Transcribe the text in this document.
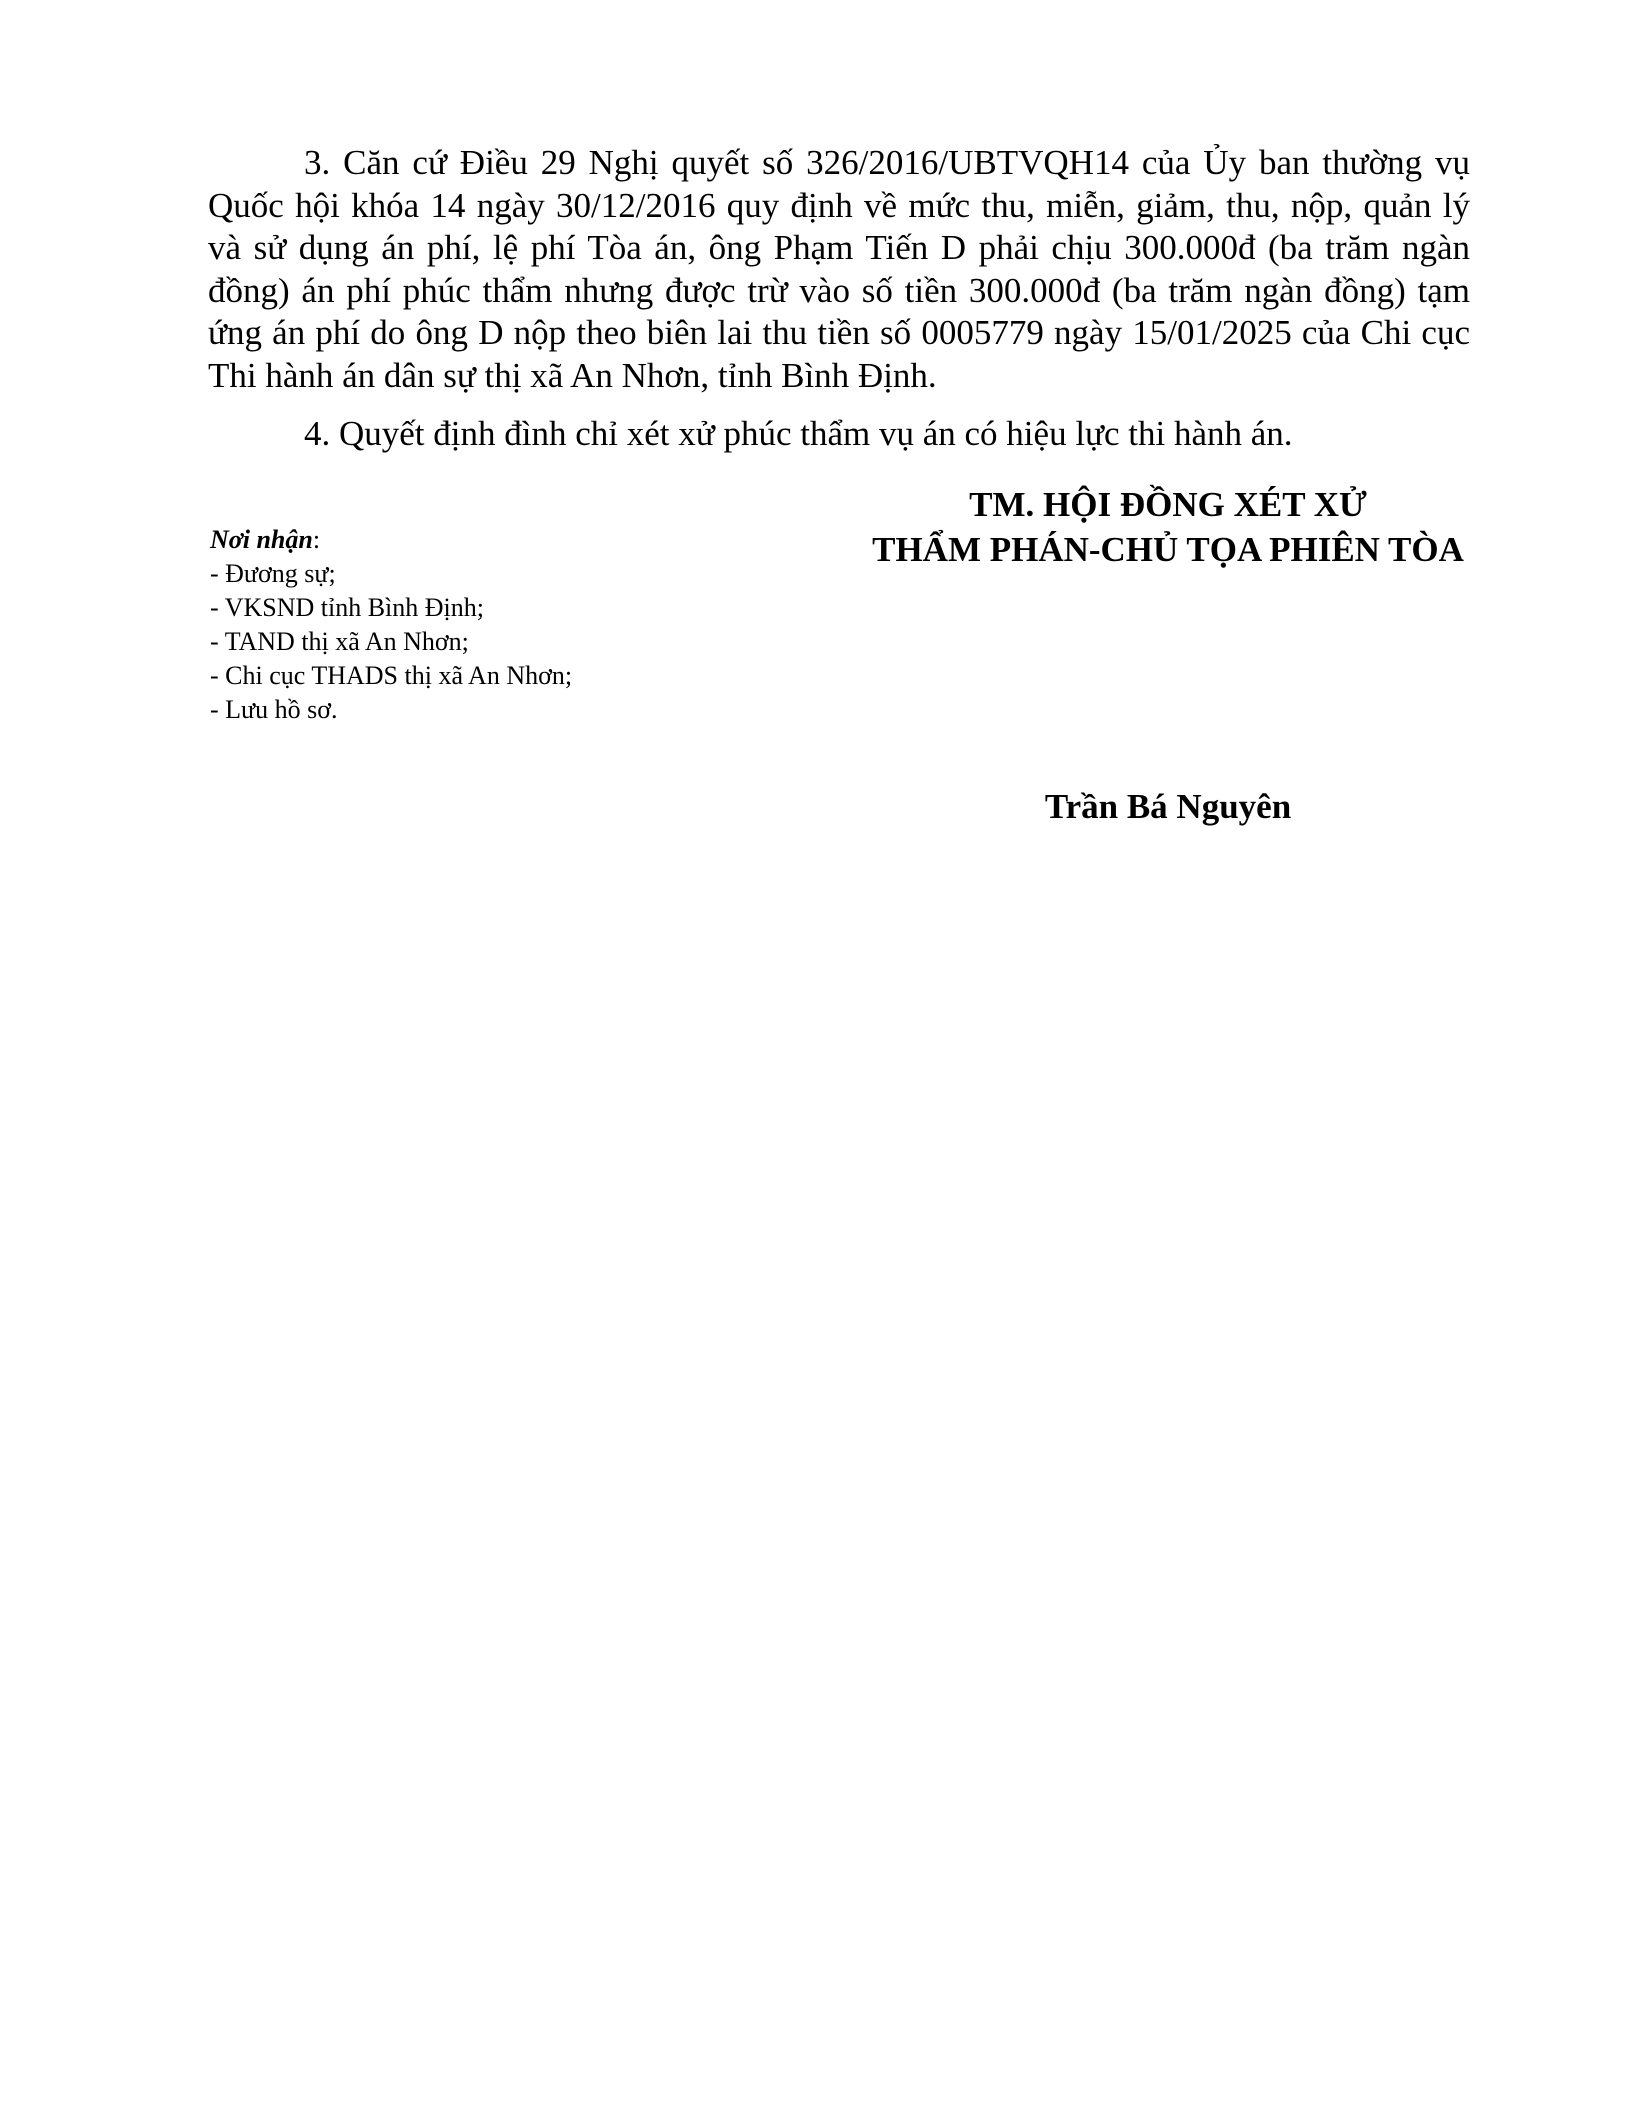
3. Căn cứ Điều 29 Nghị quyết số 326/2016/UBTVQH14 của Ủy ban thường vụ Quốc hội khóa 14 ngày 30/12/2016 quy định về mức thu, miễn, giảm, thu, nộp, quản lý và sử dụng án phí, lệ phí Tòa án, ông Phạm Tiến D phải chịu 300.000đ (ba trăm ngàn đồng) án phí phúc thẩm nhưng được trừ vào số tiền 300.000đ (ba trăm ngàn đồng) tạm ứng án phí do ông D nộp theo biên lai thu tiền số 0005779 ngày 15/01/2025 của Chi cục Thi hành án dân sự thị xã An Nhơn, tỉnh Bình Định.

4. Quyết định đình chỉ xét xử phúc thẩm vụ án có hiệu lực thi hành án.

Nơi nhận:
- Đương sự;
- VKSND tỉnh Bình Định;
- TAND thị xã An Nhơn;
- Chi cục THADS thị xã An Nhơn;
- Lưu hồ sơ.
TM. HỘI ĐỒNG XÉT XỬ
THẨM PHÁN-CHỦ TỌA PHIÊN TÒA
Trần Bá Nguyên
